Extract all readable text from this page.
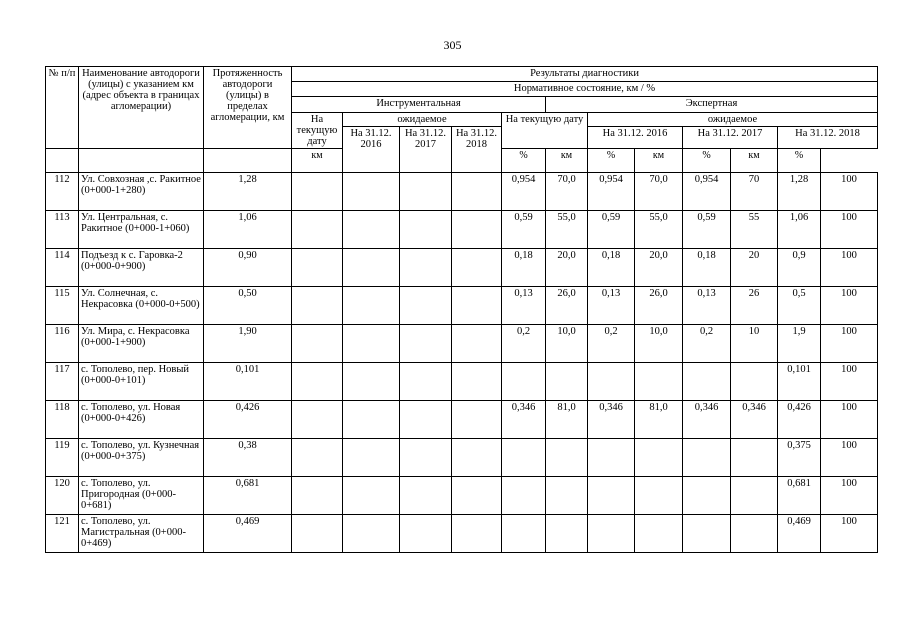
305
№ п/п	Наименование автодороги (улицы) с указанием км (адрес объекта в границах агломерации)	Протяженность автодороги (улицы) в пределах агломерации, км	Результаты диагностики											
			Нормативное состояние, км / %											
			Инструментальная					Экспертная						
			На текущую дату	ожидаемое			На текущую дату		ожидаемое					
				На 31.12. 2016	На 31.12. 2017	На 31.12. 2018			На 31.12. 2016		На 31.12. 2017		На 31.12. 2018	
			км				%	км	%	км	%	км	%	
112	Ул. Совхозная ,с. Ракитное (0+000-1+280)	1,28					0,954	70,0	0,954	70,0	0,954	70	1,28	100
113	Ул. Центральная, с. Ракитное (0+000-1+060)	1,06					0,59	55,0	0,59	55,0	0,59	55	1,06	100
114	Подъезд к с. Гаровка-2 (0+000-0+900)	0,90					0,18	20,0	0,18	20,0	0,18	20	0,9	100
115	Ул. Солнечная, с. Некрасовка (0+000-0+500)	0,50					0,13	26,0	0,13	26,0	0,13	26	0,5	100
116	Ул. Мира, с. Некрасовка (0+000-1+900)	1,90					0,2	10,0	0,2	10,0	0,2	10	1,9	100
117	с. Тополево, пер. Новый (0+000-0+101)	0,101											0,101	100
118	с. Тополево, ул. Новая (0+000-0+426)	0,426					0,346	81,0	0,346	81,0	0,346	0,346	0,426	100
119	с. Тополево, ул. Кузнечная (0+000-0+375)	0,38											0,375	100
120	с. Тополево, ул. Пригородная (0+000-0+681)	0,681											0,681	100
121	с. Тополево, ул. Магистральная (0+000-0+469)	0,469											0,469	100
